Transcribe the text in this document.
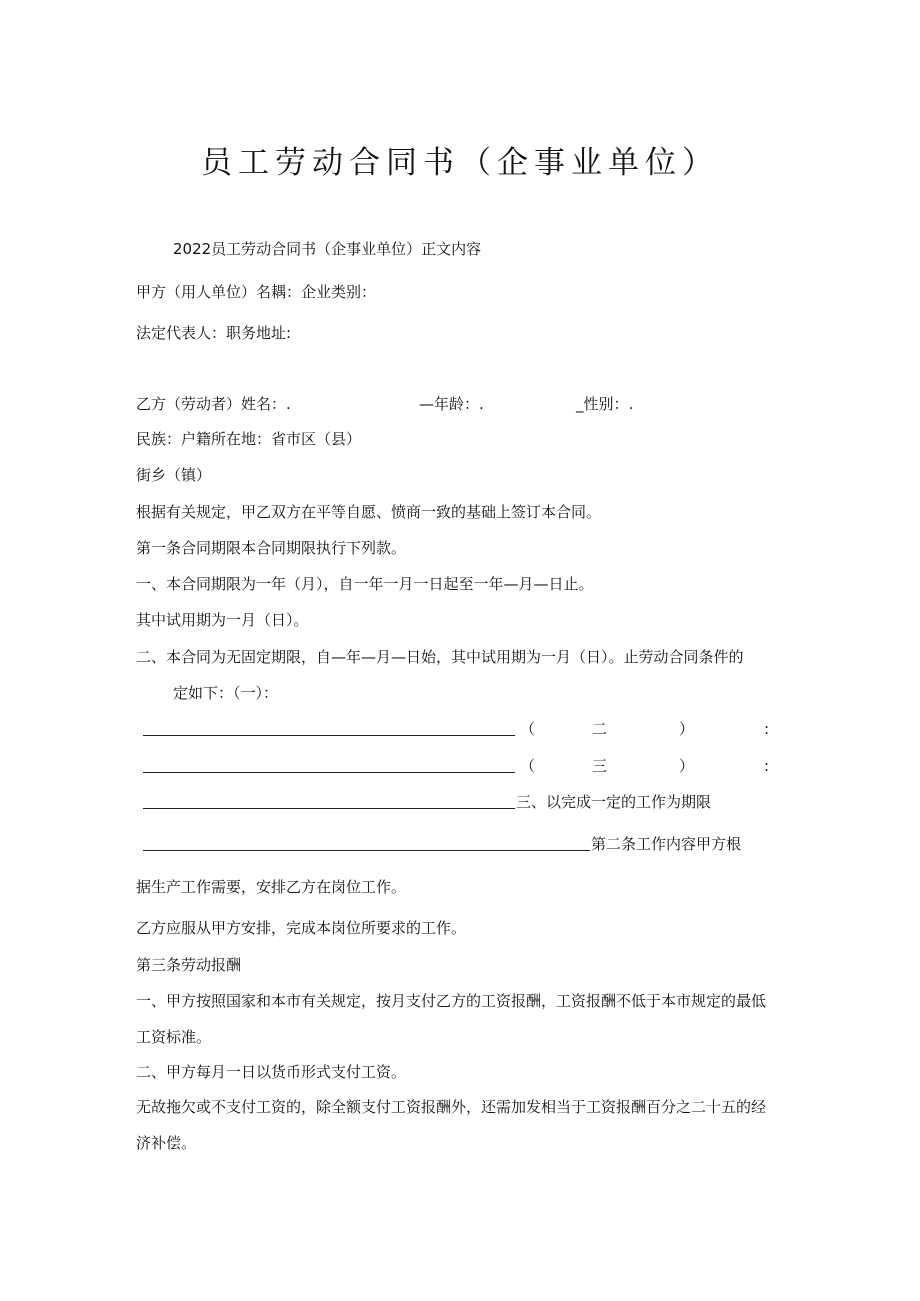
员工劳动合同书（企事业单位）
2022员工劳动合同书（企事业单位）正文内容
甲方（用人单位）名耦：企业类别：
法定代表人：职务地址:
乙方（劳动者）姓名：.	—年龄：.	_性别：.
民族：户籍所在地：省市区（县）
街乡（镇）
根据有关规定，甲乙双方在平等自愿、愤商一致的基础上签订本合同。
第一条合同期限本合同期限执行下列款。
一、本合同期限为一年（月），自一年一月一日起至一年—月—日止。
其中试用期为一月（日）。
二、本合同为无固定期限，自—年—月—日始，其中试用期为一月（日）。止劳动合同条件的
定如下：（一）：
（	二	）	:
（	三	）	:
三、以完成一定的工作为期限
第二条工作内容甲方根
据生产工作需要，安排乙方在岗位工作。
乙方应服从甲方安排，完成本岗位所要求的工作。
第三条劳动报酬
一、甲方按照国家和本市有关规定，按月支付乙方的工资报酬，工资报酬不低于本市规定的最低
工资标准。
二、甲方每月一日以货币形式支付工资。
无故拖欠或不支付工资的，除全额支付工资报酬外，还需加发相当于工资报酬百分之二十五的经
济补偿。
